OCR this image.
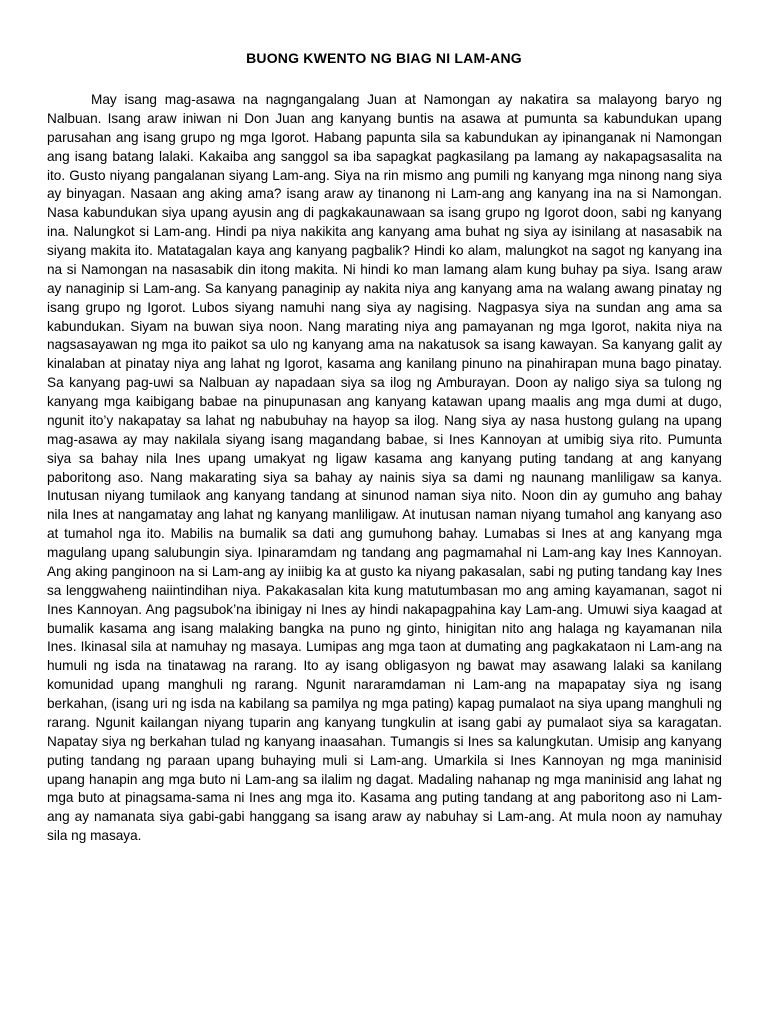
BUONG KWENTO NG BIAG NI LAM-ANG

May isang mag-asawa na nagngangalang Juan at Namongan ay nakatira sa malayong baryo ng Nalbuan. Isang araw iniwan ni Don Juan ang kanyang buntis na asawa at pumunta sa kabundukan upang parusahan ang isang grupo ng mga Igorot. Habang papunta sila sa kabundukan ay ipinanganak ni Namongan ang isang batang lalaki. Kakaiba ang sanggol sa iba sapagkat pagkasilang pa lamang ay nakapagsasalita na ito. Gusto niyang pangalanan siyang Lam-ang. Siya na rin mismo ang pumili ng kanyang mga ninong nang siya ay binyagan. Nasaan ang aking ama? isang araw ay tinanong ni Lam-ang ang kanyang ina na si Namongan. Nasa kabundukan siya upang ayusin ang di pagkakaunawaan sa isang grupo ng Igorot doon, sabi ng kanyang ina. Nalungkot si Lam-ang. Hindi pa niya nakikita ang kanyang ama buhat ng siya ay isinilang at nasasabik na siyang makita ito. Matatagalan kaya ang kanyang pagbalik? Hindi ko alam, malungkot na sagot ng kanyang ina na si Namongan na nasasabik din itong makita. Ni hindi ko man lamang alam kung buhay pa siya. Isang araw ay nanaginip si Lam-ang. Sa kanyang panaginip ay nakita niya ang kanyang ama na walang awang pinatay ng isang grupo ng Igorot. Lubos siyang namuhi nang siya ay nagising. Nagpasya siya na sundan ang ama sa kabundukan. Siyam na buwan siya noon. Nang marating niya ang pamayanan ng mga Igorot, nakita niya na nagsasayawan ng mga ito paikot sa ulo ng kanyang ama na nakatusok sa isang kawayan. Sa kanyang galit ay kinalaban at pinatay niya ang lahat ng Igorot, kasama ang kanilang pinuno na pinahirapan muna bago pinatay. Sa kanyang pag-uwi sa Nalbuan ay napadaan siya sa ilog ng Amburayan. Doon ay naligo siya sa tulong ng kanyang mga kaibigang babae na pinupunasan ang kanyang katawan upang maalis ang mga dumi at dugo, ngunit ito’y nakapatay sa lahat ng nabubuhay na hayop sa ilog. Nang siya ay nasa hustong gulang na upang mag-asawa ay may nakilala siyang isang magandang babae, si Ines Kannoyan at umibig siya rito. Pumunta siya sa bahay nila Ines upang umakyat ng ligaw kasama ang kanyang puting tandang at ang kanyang paboritong aso. Nang makarating siya sa bahay ay nainis siya sa dami ng naunang manliligaw sa kanya. Inutusan niyang tumilaok ang kanyang tandang at sinunod naman siya nito. Noon din ay gumuho ang bahay nila Ines at nangamatay ang lahat ng kanyang manliligaw. At inutusan naman niyang tumahol ang kanyang aso at tumahol nga ito. Mabilis na bumalik sa dati ang gumuhong bahay. Lumabas si Ines at ang kanyang mga magulang upang salubungin siya. Ipinaramdam ng tandang ang pagmamahal ni Lam-ang kay Ines Kannoyan. Ang aking panginoon na si Lam-ang ay iniibig ka at gusto ka niyang pakasalan, sabi ng puting tandang kay Ines sa lenggwaheng naiintindihan niya. Pakakasalan kita kung matutumbasan mo ang aming kayamanan, sagot ni Ines Kannoyan. Ang pagsubok’na ibinigay ni Ines ay hindi nakapagpahina kay Lam-ang. Umuwi siya kaagad at bumalik kasama ang isang malaking bangka na puno ng ginto, hinigitan nito ang halaga ng kayamanan nila Ines. Ikinasal sila at namuhay ng masaya. Lumipas ang mga taon at dumating ang pagkakataon ni Lam-ang na humuli ng isda na tinatawag na rarang. Ito ay isang obligasyon ng bawat may asawang lalaki sa kanilang komunidad upang manghuli ng rarang. Ngunit nararamdaman ni Lam-ang na mapapatay siya ng isang berkahan, (isang uri ng isda na kabilang sa pamilya ng mga pating) kapag pumalaot na siya upang manghuli ng rarang. Ngunit kailangan niyang tuparin ang kanyang tungkulin at isang gabi ay pumalaot siya sa karagatan. Napatay siya ng berkahan tulad ng kanyang inaasahan. Tumangis si Ines sa kalungkutan. Umisip ang kanyang puting tandang ng paraan upang buhaying muli si Lam-ang. Umarkila si Ines Kannoyan ng mga maninisid upang hanapin ang mga buto ni Lam-ang sa ilalim ng dagat. Madaling nahanap ng mga maninisid ang lahat ng mga buto at pinagsama-sama ni Ines ang mga ito. Kasama ang puting tandang at ang paboritong aso ni Lam-ang ay namanata siya gabi-gabi hanggang sa isang araw ay nabuhay si Lam-ang. At mula noon ay namuhay sila ng masaya.
